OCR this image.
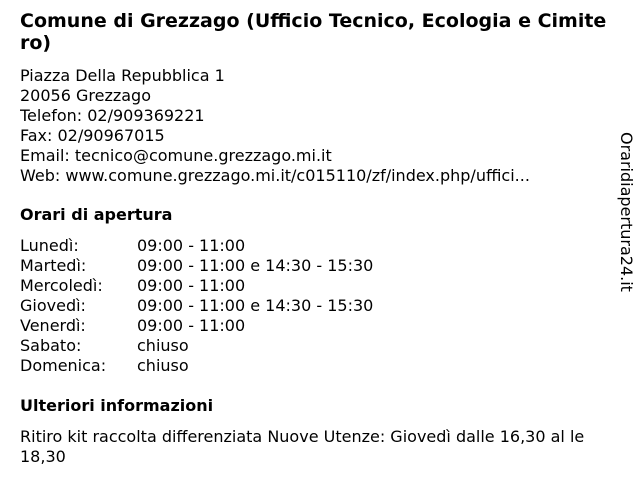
Comune di Grezzago (Ufficio Tecnico, Ecologia e Cimitero)
Piazza Della Repubblica 1
20056 Grezzago
Telefon: 02/909369221
Fax: 02/90967015
Email: tecnico@comune.grezzago.mi.it
Web: www.comune.grezzago.mi.it/c015110/zf/index.php/uffici...
Orari di apertura
Lunedì:	09:00 - 11:00
Martedì:	09:00 - 11:00 e 14:30 - 15:30
Mercoledì:	09:00 - 11:00
Giovedì:	09:00 - 11:00 e 14:30 - 15:30
Venerdì:	09:00 - 11:00
Sabato:	chiuso
Domenica:	chiuso
Ulteriori informazioni
Ritiro kit raccolta differenziata Nuove Utenze: Giovedì dalle 16,30 al le 18,30
Oraridiapertura24.it
